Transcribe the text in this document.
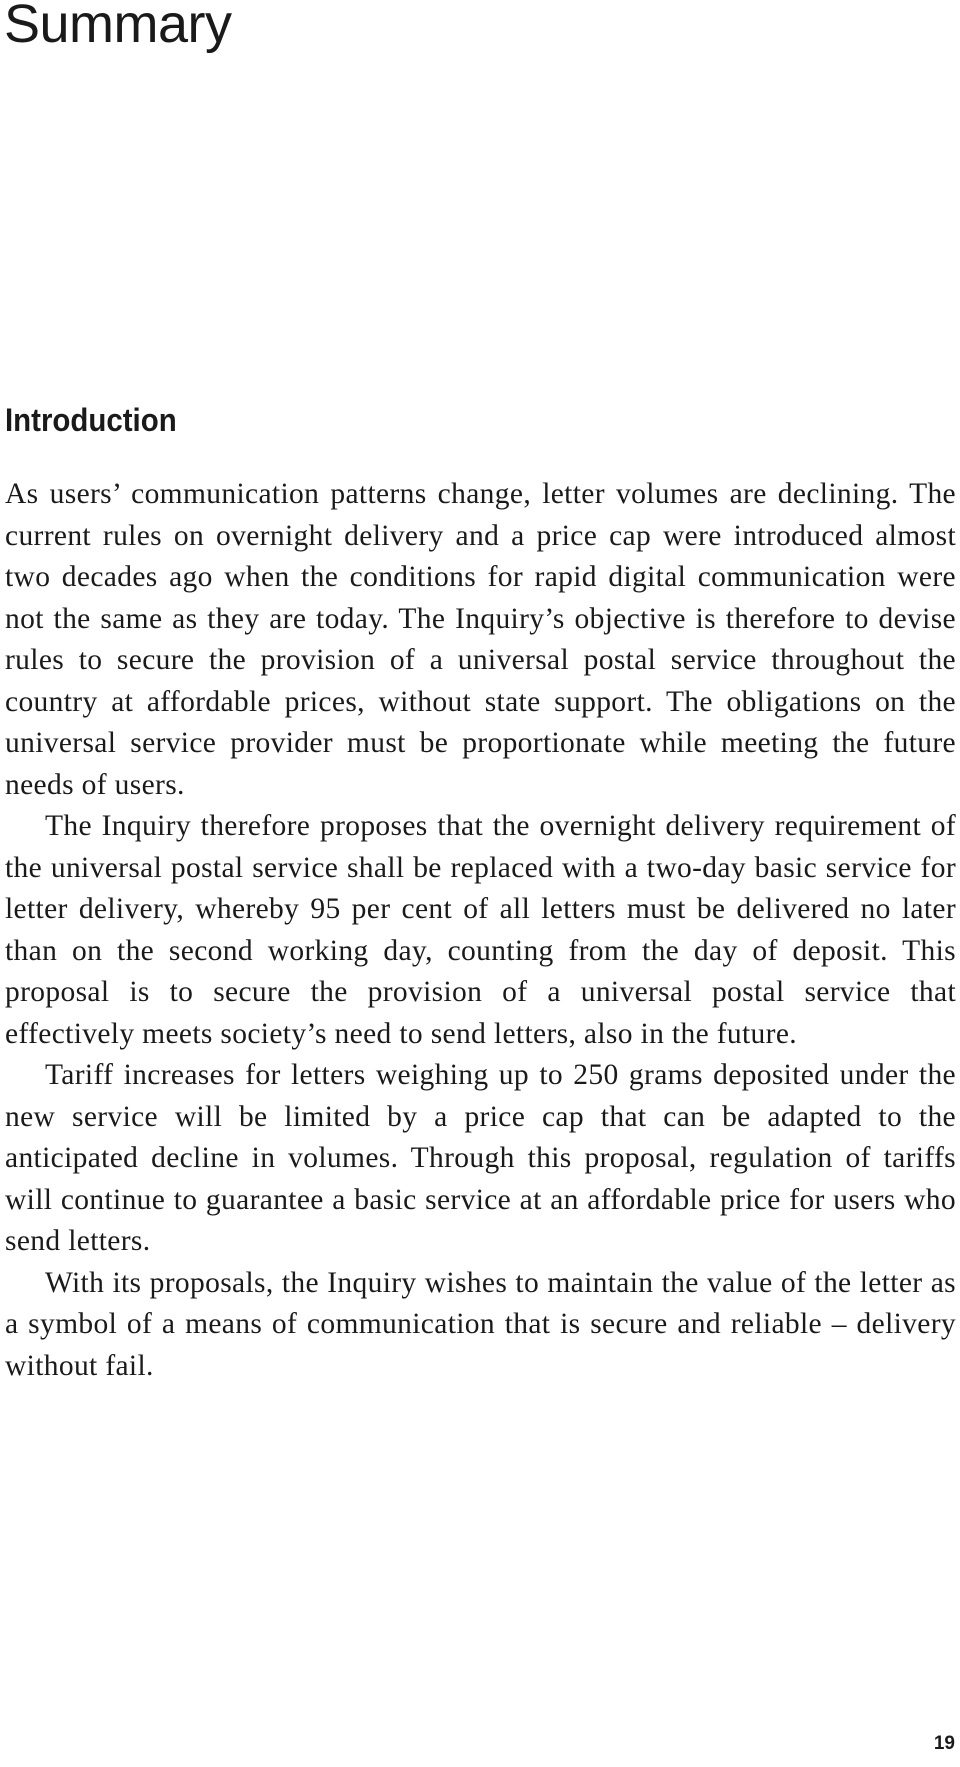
Summary
Introduction

As users’ communication patterns change, letter volumes are declining. The current rules on overnight delivery and a price cap were introduced almost two decades ago when the conditions for rapid digital communication were not the same as they are today. The Inquiry’s objective is therefore to devise rules to secure the provision of a universal postal service throughout the country at affordable prices, without state support. The obligations on the universal service provider must be proportionate while meeting the future needs of users.

The Inquiry therefore proposes that the overnight delivery requirement of the universal postal service shall be replaced with a two-day basic service for letter delivery, whereby 95 per cent of all letters must be delivered no later than on the second working day, counting from the day of deposit. This proposal is to secure the provision of a universal postal service that effectively meets society’s need to send letters, also in the future.

Tariff increases for letters weighing up to 250 grams deposited under the new service will be limited by a price cap that can be adapted to the anticipated decline in volumes. Through this proposal, regulation of tariffs will continue to guarantee a basic service at an affordable price for users who send letters.

With its proposals, the Inquiry wishes to maintain the value of the letter as a symbol of a means of communication that is secure and reliable – delivery without fail.

19
